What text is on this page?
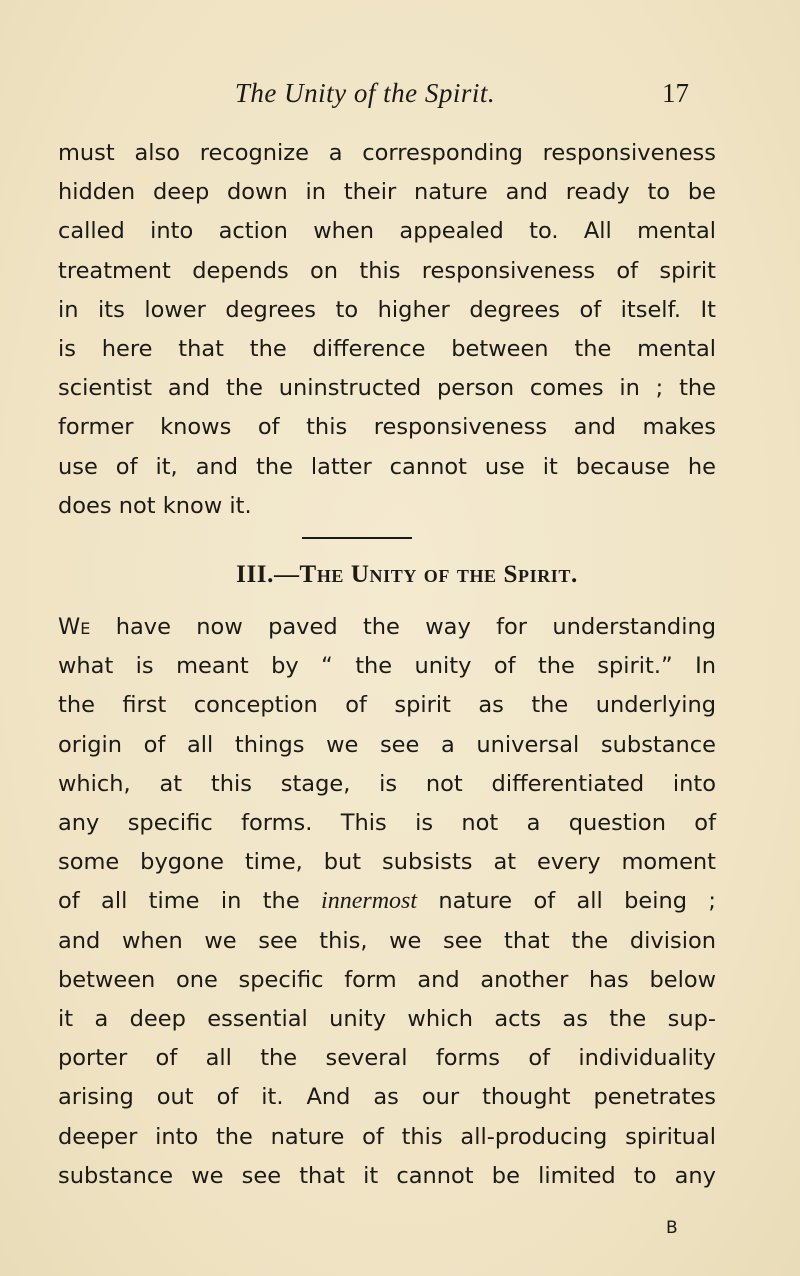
The Unity of the Spirit.	17

must also recognize a corresponding responsiveness
hidden deep down in their nature and ready to be
called into action when appealed to. All mental
treatment depends on this responsiveness of spirit
in its lower degrees to higher degrees of itself. It
is here that the difference between the mental
scientist and the uninstructed person comes in ; the
former knows of this responsiveness and makes
use of it, and the latter cannot use it because he
does not know it.

III.—The Unity of the Spirit.

We have now paved the way for understanding
what is meant by “ the unity of the spirit.” In
the first conception of spirit as the underlying
origin of all things we see a universal substance
which, at this stage, is not differentiated into
any specific forms. This is not a question of
some bygone time, but subsists at every moment
of all time in the innermost nature of all being ;
and when we see this, we see that the division
between one specific form and another has below
it a deep essential unity which acts as the sup-
porter of all the several forms of individuality
arising out of it. And as our thought penetrates
deeper into the nature of this all-producing spiritual
substance we see that it cannot be limited to any

B
